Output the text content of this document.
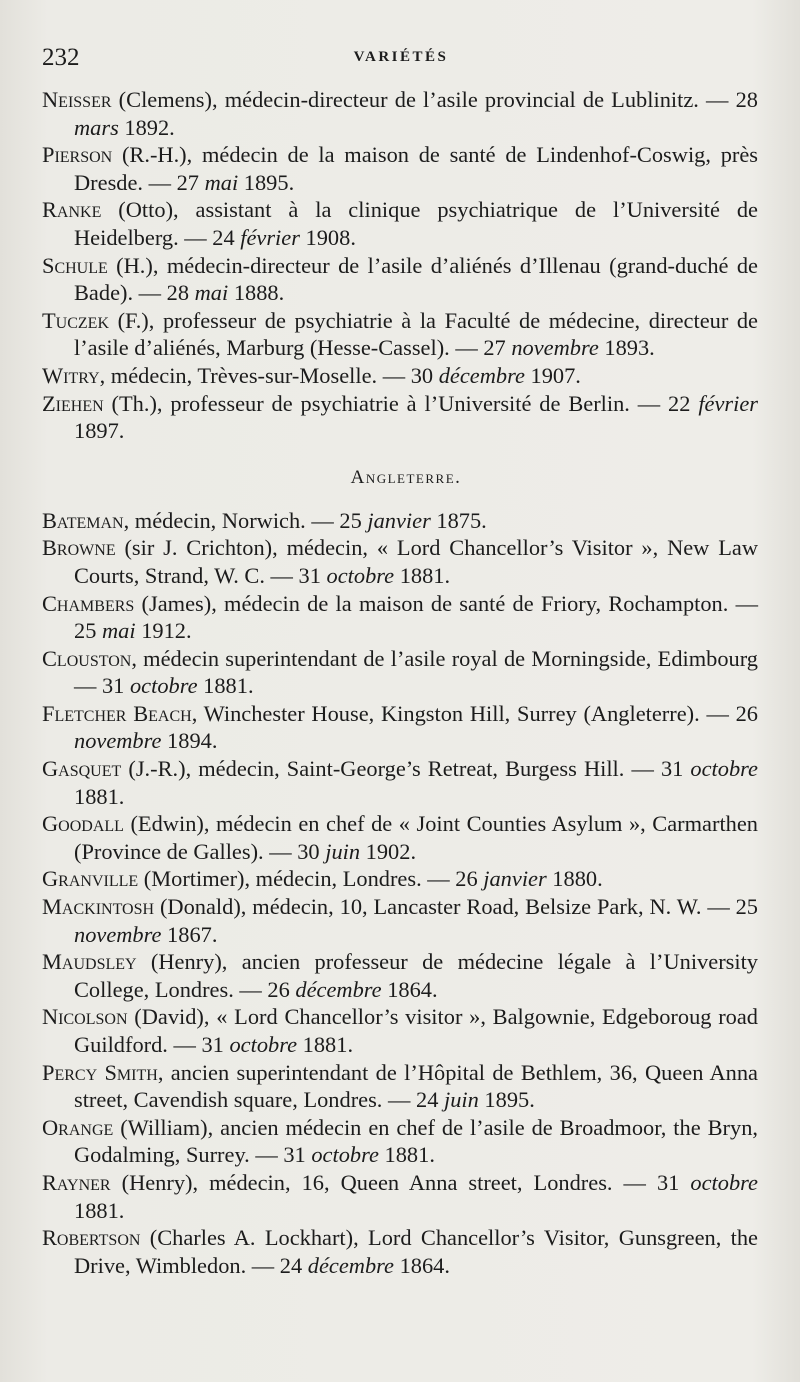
232	VARIÉTÉS
Neisser (Clemens), médecin-directeur de l’asile provincial de Lublinitz. — 28 mars 1892.
Pierson (R.-H.), médecin de la maison de santé de Lindenhof-Coswig, près Dresde. — 27 mai 1895.
Ranke (Otto), assistant à la clinique psychiatrique de l’Université de Heidelberg. — 24 février 1908.
Schule (H.), médecin-directeur de l’asile d’aliénés d’Illenau (grand-duché de Bade). — 28 mai 1888.
Tuczek (F.), professeur de psychiatrie à la Faculté de médecine, directeur de l’asile d’aliénés, Marburg (Hesse-Cassel). — 27 novembre 1893.
Witry, médecin, Trèves-sur-Moselle. — 30 décembre 1907.
Ziehen (Th.), professeur de psychiatrie à l’Université de Berlin. — 22 février 1897.
Angleterre.
Bateman, médecin, Norwich. — 25 janvier 1875.
Browne (sir J. Crichton), médecin, « Lord Chancellor’s Visitor », New Law Courts, Strand, W. C. — 31 octobre 1881.
Chambers (James), médecin de la maison de santé de Friory, Rochampton. — 25 mai 1912.
Clouston, médecin superintendant de l’asile royal de Morningside, Edimbourg — 31 octobre 1881.
Fletcher Beach, Winchester House, Kingston Hill, Surrey (Angleterre). — 26 novembre 1894.
Gasquet (J.-R.), médecin, Saint-George’s Retreat, Burgess Hill. — 31 octobre 1881.
Goodall (Edwin), médecin en chef de « Joint Counties Asylum », Carmarthen (Province de Galles). — 30 juin 1902.
Granville (Mortimer), médecin, Londres. — 26 janvier 1880.
Mackintosh (Donald), médecin, 10, Lancaster Road, Belsize Park, N. W. — 25 novembre 1867.
Maudsley (Henry), ancien professeur de médecine légale à l’University College, Londres. — 26 décembre 1864.
Nicolson (David), « Lord Chancellor’s visitor », Balgownie, Edgeboroug road Guildford. — 31 octobre 1881.
Percy Smith, ancien superintendant de l’Hôpital de Bethlem, 36, Queen Anna street, Cavendish square, Londres. — 24 juin 1895.
Orange (William), ancien médecin en chef de l’asile de Broadmoor, the Bryn, Godalming, Surrey. — 31 octobre 1881.
Rayner (Henry), médecin, 16, Queen Anna street, Londres. — 31 octobre 1881.
Robertson (Charles A. Lockhart), Lord Chancellor’s Visitor, Gunsgreen, the Drive, Wimbledon. — 24 décembre 1864.
